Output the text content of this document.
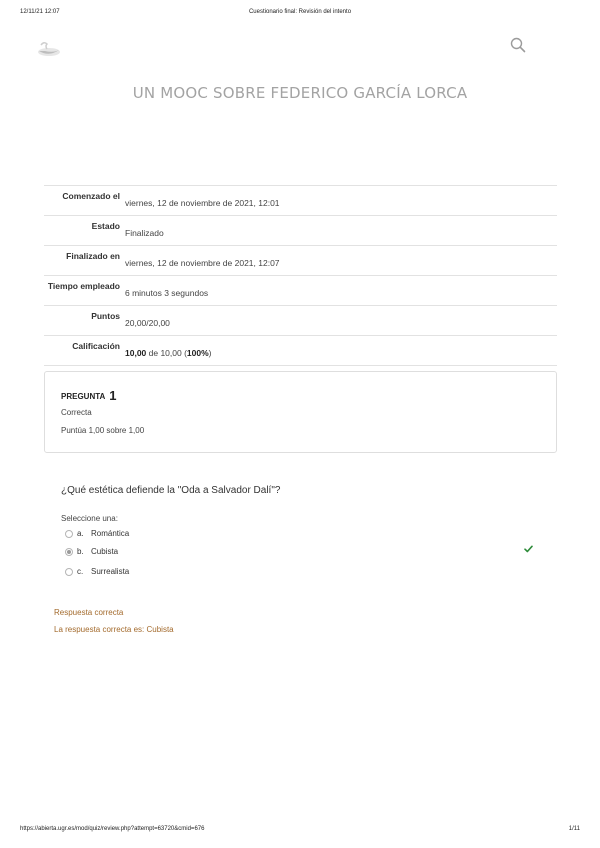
12/11/21 12:07	Cuestionario final: Revisión del intento
UN MOOC SOBRE FEDERICO GARCÍA LORCA
Comenzado el
viernes, 12 de noviembre de 2021, 12:01
Estado
Finalizado
Finalizado en
viernes, 12 de noviembre de 2021, 12:07
Tiempo empleado
6 minutos 3 segundos
Puntos
20,00/20,00
Calificación
10,00 de 10,00 (100%)
PREGUNTA 1
Correcta
Puntúa 1,00 sobre 1,00
¿Qué estética defiende la "Oda a Salvador Dalí"?
Seleccione una:
a. Romántica
b. Cubista
c. Surrealista
Respuesta correcta
La respuesta correcta es: Cubista
https://abierta.ugr.es/mod/quiz/review.php?attempt=63720&cmid=676	1/11
